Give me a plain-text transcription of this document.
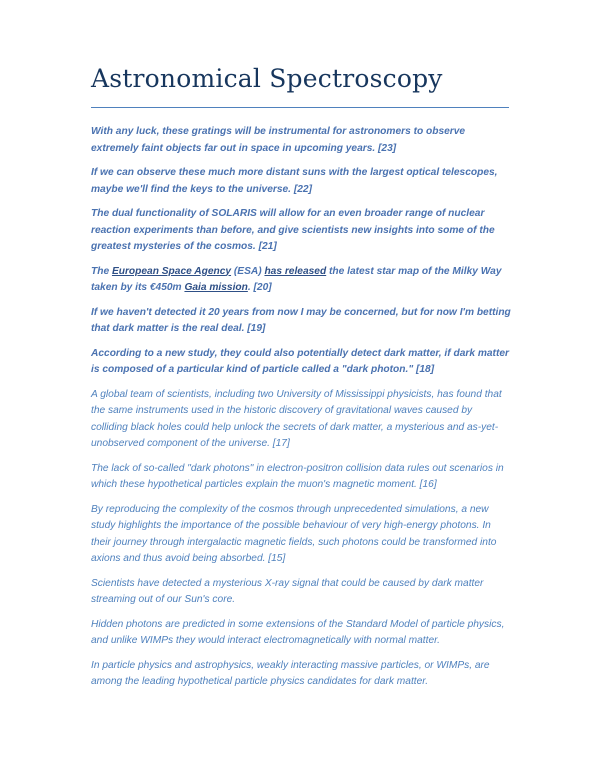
Astronomical Spectroscopy

With any luck, these gratings will be instrumental for astronomers to observe extremely faint objects far out in space in upcoming years. [23]

If we can observe these much more distant suns with the largest optical telescopes, maybe we'll find the keys to the universe. [22]

The dual functionality of SOLARIS will allow for an even broader range of nuclear reaction experiments than before, and give scientists new insights into some of the greatest mysteries of the cosmos. [21]

The European Space Agency (ESA) has released the latest star map of the Milky Way taken by its €450m Gaia mission. [20]

If we haven't detected it 20 years from now I may be concerned, but for now I'm betting that dark matter is the real deal. [19]

According to a new study, they could also potentially detect dark matter, if dark matter is composed of a particular kind of particle called a "dark photon." [18]

A global team of scientists, including two University of Mississippi physicists, has found that the same instruments used in the historic discovery of gravitational waves caused by colliding black holes could help unlock the secrets of dark matter, a mysterious and as-yet-unobserved component of the universe. [17]

The lack of so-called "dark photons" in electron-positron collision data rules out scenarios in which these hypothetical particles explain the muon's magnetic moment. [16]

By reproducing the complexity of the cosmos through unprecedented simulations, a new study highlights the importance of the possible behaviour of very high-energy photons. In their journey through intergalactic magnetic fields, such photons could be transformed into axions and thus avoid being absorbed. [15]

Scientists have detected a mysterious X-ray signal that could be caused by dark matter streaming out of our Sun's core.

Hidden photons are predicted in some extensions of the Standard Model of particle physics, and unlike WIMPs they would interact electromagnetically with normal matter.

In particle physics and astrophysics, weakly interacting massive particles, or WIMPs, are among the leading hypothetical particle physics candidates for dark matter.
